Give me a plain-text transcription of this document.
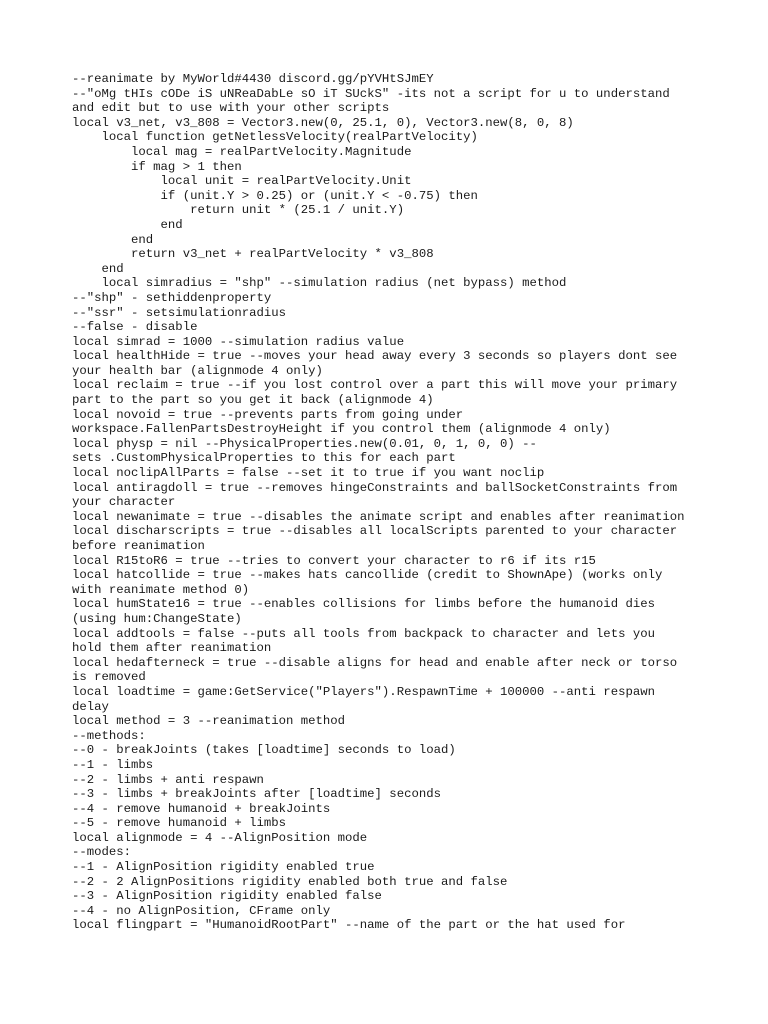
--reanimate by MyWorld#4430 discord.gg/pYVHtSJmEY
--"oMg tHIs cODe iS uNReaDabLe sO iT SUckS" -its not a script for u to understand
and edit but to use with your other scripts
local v3_net, v3_808 = Vector3.new(0, 25.1, 0), Vector3.new(8, 0, 8)
local function getNetlessVelocity(realPartVelocity)
local mag = realPartVelocity.Magnitude
if mag > 1 then
local unit = realPartVelocity.Unit
if (unit.Y > 0.25) or (unit.Y < -0.75) then
return unit * (25.1 / unit.Y)
end
end
return v3_net + realPartVelocity * v3_808
end
local simradius = "shp" --simulation radius (net bypass) method
--"shp" - sethiddenproperty
--"ssr" - setsimulationradius
--false - disable
local simrad = 1000 --simulation radius value
local healthHide = true --moves your head away every 3 seconds so players dont see
your health bar (alignmode 4 only)
local reclaim = true --if you lost control over a part this will move your primary
part to the part so you get it back (alignmode 4)
local novoid = true --prevents parts from going under
workspace.FallenPartsDestroyHeight if you control them (alignmode 4 only)
local physp = nil --PhysicalProperties.new(0.01, 0, 1, 0, 0) --
sets .CustomPhysicalProperties to this for each part
local noclipAllParts = false --set it to true if you want noclip
local antiragdoll = true --removes hingeConstraints and ballSocketConstraints from
your character
local newanimate = true --disables the animate script and enables after reanimation
local discharscripts = true --disables all localScripts parented to your character
before reanimation
local R15toR6 = true --tries to convert your character to r6 if its r15
local hatcollide = true --makes hats cancollide (credit to ShownApe) (works only
with reanimate method 0)
local humState16 = true --enables collisions for limbs before the humanoid dies
(using hum:ChangeState)
local addtools = false --puts all tools from backpack to character and lets you
hold them after reanimation
local hedafterneck = true --disable aligns for head and enable after neck or torso
is removed
local loadtime = game:GetService("Players").RespawnTime + 100000 --anti respawn
delay
local method = 3 --reanimation method
--methods:
--0 - breakJoints (takes [loadtime] seconds to load)
--1 - limbs
--2 - limbs + anti respawn
--3 - limbs + breakJoints after [loadtime] seconds
--4 - remove humanoid + breakJoints
--5 - remove humanoid + limbs
local alignmode = 4 --AlignPosition mode
--modes:
--1 - AlignPosition rigidity enabled true
--2 - 2 AlignPositions rigidity enabled both true and false
--3 - AlignPosition rigidity enabled false
--4 - no AlignPosition, CFrame only
local flingpart = "HumanoidRootPart" --name of the part or the hat used for
